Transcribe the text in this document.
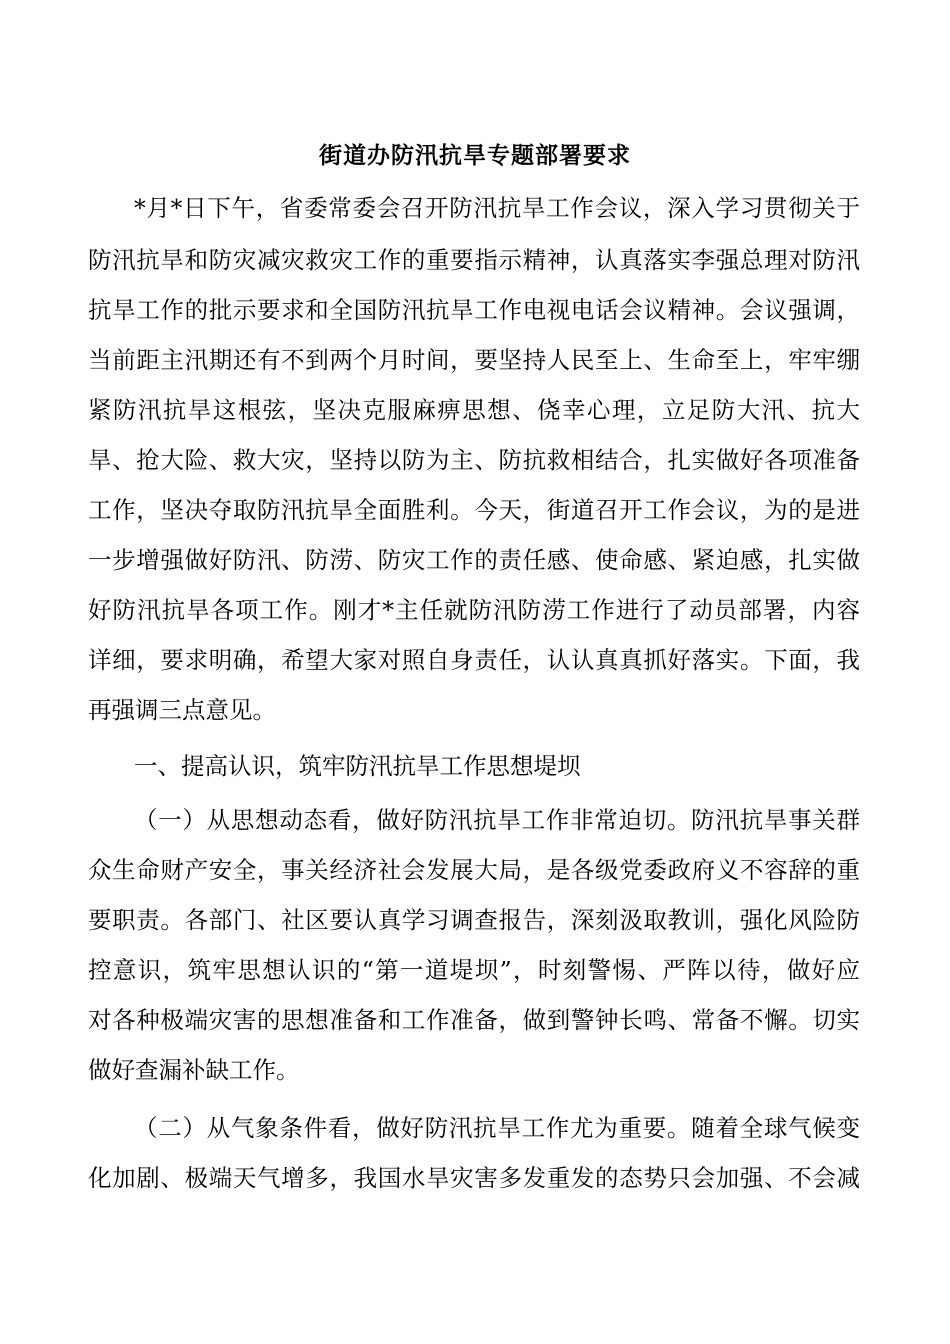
街道办防汛抗旱专题部署要求
*月*日下午，省委常委会召开防汛抗旱工作会议，深入学习贯彻关于
防汛抗旱和防灾减灾救灾工作的重要指示精神，认真落实李强总理对防汛
抗旱工作的批示要求和全国防汛抗旱工作电视电话会议精神。会议强调，
当前距主汛期还有不到两个月时间，要坚持人民至上、生命至上，牢牢绷
紧防汛抗旱这根弦，坚决克服麻痹思想、侥幸心理，立足防大汛、抗大
旱、抢大险、救大灾，坚持以防为主、防抗救相结合，扎实做好各项准备
工作，坚决夺取防汛抗旱全面胜利。今天，街道召开工作会议，为的是进
一步增强做好防汛、防涝、防灾工作的责任感、使命感、紧迫感，扎实做
好防汛抗旱各项工作。刚才*主任就防汛防涝工作进行了动员部署，内容
详细，要求明确，希望大家对照自身责任，认认真真抓好落实。下面，我
再强调三点意见。
一、提高认识，筑牢防汛抗旱工作思想堤坝
（一）从思想动态看，做好防汛抗旱工作非常迫切。防汛抗旱事关群
众生命财产安全，事关经济社会发展大局，是各级党委政府义不容辞的重
要职责。各部门、社区要认真学习调查报告，深刻汲取教训，强化风险防
控意识，筑牢思想认识的“第一道堤坝”，时刻警惕、严阵以待，做好应
对各种极端灾害的思想准备和工作准备，做到警钟长鸣、常备不懈。切实
做好查漏补缺工作。
（二）从气象条件看，做好防汛抗旱工作尤为重要。随着全球气候变
化加剧、极端天气增多，我国水旱灾害多发重发的态势只会加强、不会减
